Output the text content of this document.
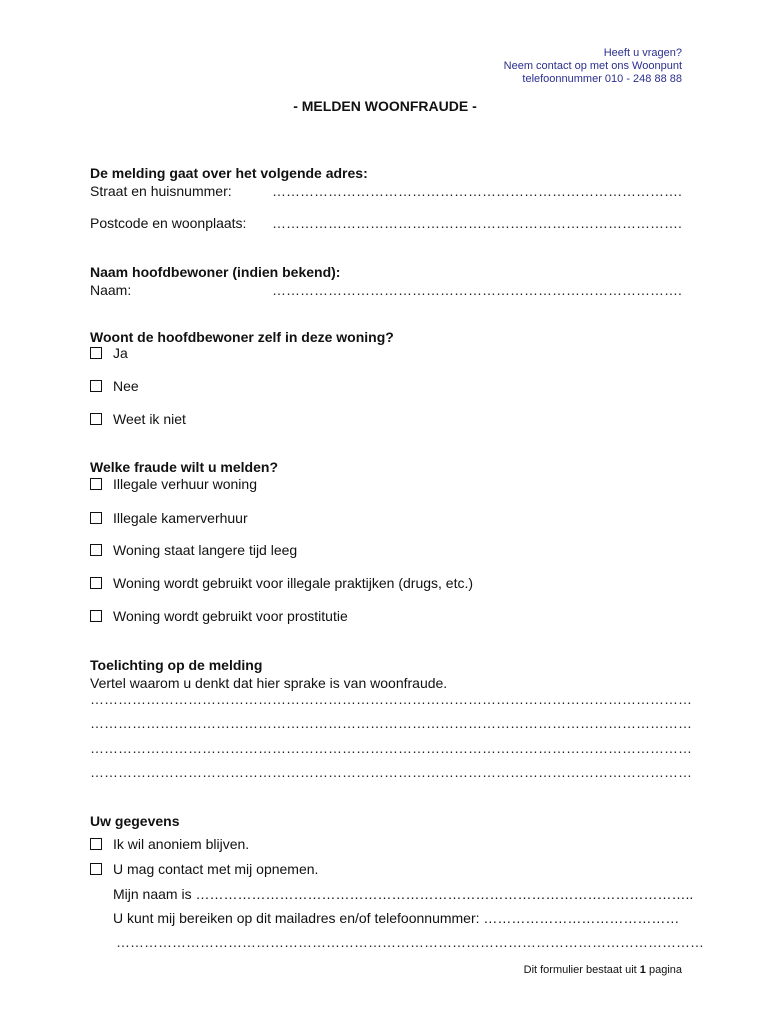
Heeft u vragen?
Neem contact op met ons Woonpunt
telefoonnummer 010 - 248 88 88
- MELDEN WOONFRAUDE -
De melding gaat over het volgende adres:
Straat en huisnummer:	…………………………………………………………………………….
Postcode en woonplaats: …………………………………………………………………………….
Naam hoofdbewoner (indien bekend):
Naam:	…………………………………………………………………………….
Woont de hoofdbewoner zelf in deze woning?
Ja
Nee
Weet ik niet
Welke fraude wilt u melden?
Illegale verhuur woning
Illegale kamerverhuur
Woning staat langere tijd leeg
Woning wordt gebruikt voor illegale praktijken (drugs, etc.)
Woning wordt gebruikt voor prostitutie
Toelichting op de melding
Vertel waarom u denkt dat hier sprake is van woonfraude.
…………………………………………………………………………………………………………………
…………………………………………………………………………………………………………………
…………………………………………………………………………………………………………………
…………………………………………………………………………………………………………………
Uw gegevens
Ik wil anoniem blijven.
U mag contact met mij opnemen.
Mijn naam is ……………………………………………………………………………………………..
U kunt mij bereiken op dit mailadres en/of telefoonnummer: ……………………………………
………………………………………………………………………………………………………………
Dit formulier bestaat uit 1 pagina
